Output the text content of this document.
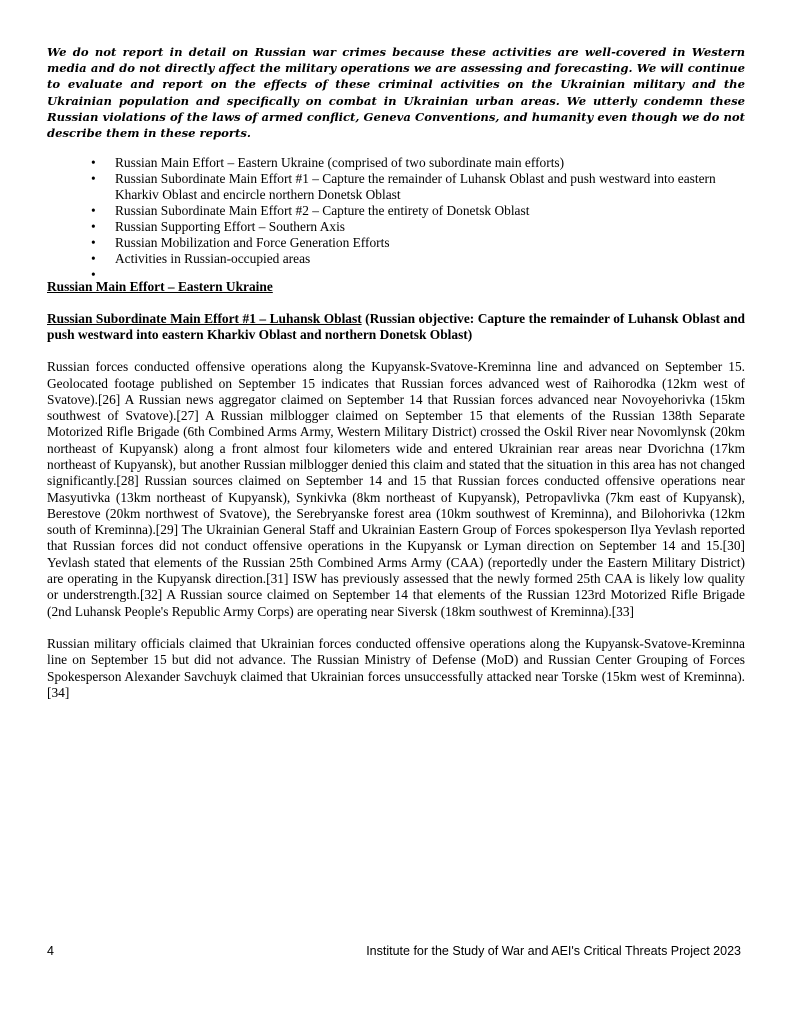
We do not report in detail on Russian war crimes because these activities are well-covered in Western media and do not directly affect the military operations we are assessing and forecasting. We will continue to evaluate and report on the effects of these criminal activities on the Ukrainian military and the Ukrainian population and specifically on combat in Ukrainian urban areas. We utterly condemn these Russian violations of the laws of armed conflict, Geneva Conventions, and humanity even though we do not describe them in these reports.

• Russian Main Effort – Eastern Ukraine (comprised of two subordinate main efforts)
• Russian Subordinate Main Effort #1 – Capture the remainder of Luhansk Oblast and push westward into eastern Kharkiv Oblast and encircle northern Donetsk Oblast
• Russian Subordinate Main Effort #2 – Capture the entirety of Donetsk Oblast
• Russian Supporting Effort – Southern Axis
• Russian Mobilization and Force Generation Efforts
• Activities in Russian-occupied areas
•

Russian Main Effort – Eastern Ukraine

Russian Subordinate Main Effort #1 – Luhansk Oblast (Russian objective: Capture the remainder of Luhansk Oblast and push westward into eastern Kharkiv Oblast and northern Donetsk Oblast)

Russian forces conducted offensive operations along the Kupyansk-Svatove-Kreminna line and advanced on September 15. Geolocated footage published on September 15 indicates that Russian forces advanced west of Raihorodka (12km west of Svatove).[26] A Russian news aggregator claimed on September 14 that Russian forces advanced near Novoyehorivka (15km southwest of Svatove).[27] A Russian milblogger claimed on September 15 that elements of the Russian 138th Separate Motorized Rifle Brigade (6th Combined Arms Army, Western Military District) crossed the Oskil River near Novomlynsk (20km northeast of Kupyansk) along a front almost four kilometers wide and entered Ukrainian rear areas near Dvorichna (17km northeast of Kupyansk), but another Russian milblogger denied this claim and stated that the situation in this area has not changed significantly.[28] Russian sources claimed on September 14 and 15 that Russian forces conducted offensive operations near Masyutivka (13km northeast of Kupyansk), Synkivka (8km northeast of Kupyansk), Petropavlivka (7km east of Kupyansk), Berestove (20km northwest of Svatove), the Serebryanske forest area (10km southwest of Kreminna), and Bilohorivka (12km south of Kreminna).[29] The Ukrainian General Staff and Ukrainian Eastern Group of Forces spokesperson Ilya Yevlash reported that Russian forces did not conduct offensive operations in the Kupyansk or Lyman direction on September 14 and 15.[30] Yevlash stated that elements of the Russian 25th Combined Arms Army (CAA) (reportedly under the Eastern Military District) are operating in the Kupyansk direction.[31] ISW has previously assessed that the newly formed 25th CAA is likely low quality or understrength.[32] A Russian source claimed on September 14 that elements of the Russian 123rd Motorized Rifle Brigade (2nd Luhansk People's Republic Army Corps) are operating near Siversk (18km southwest of Kreminna).[33]

Russian military officials claimed that Ukrainian forces conducted offensive operations along the Kupyansk-Svatove-Kreminna line on September 15 but did not advance. The Russian Ministry of Defense (MoD) and Russian Center Grouping of Forces Spokesperson Alexander Savchuyk claimed that Ukrainian forces unsuccessfully attacked near Torske (15km west of Kreminna).[34]

4	Institute for the Study of War and AEI's Critical Threats Project 2023
